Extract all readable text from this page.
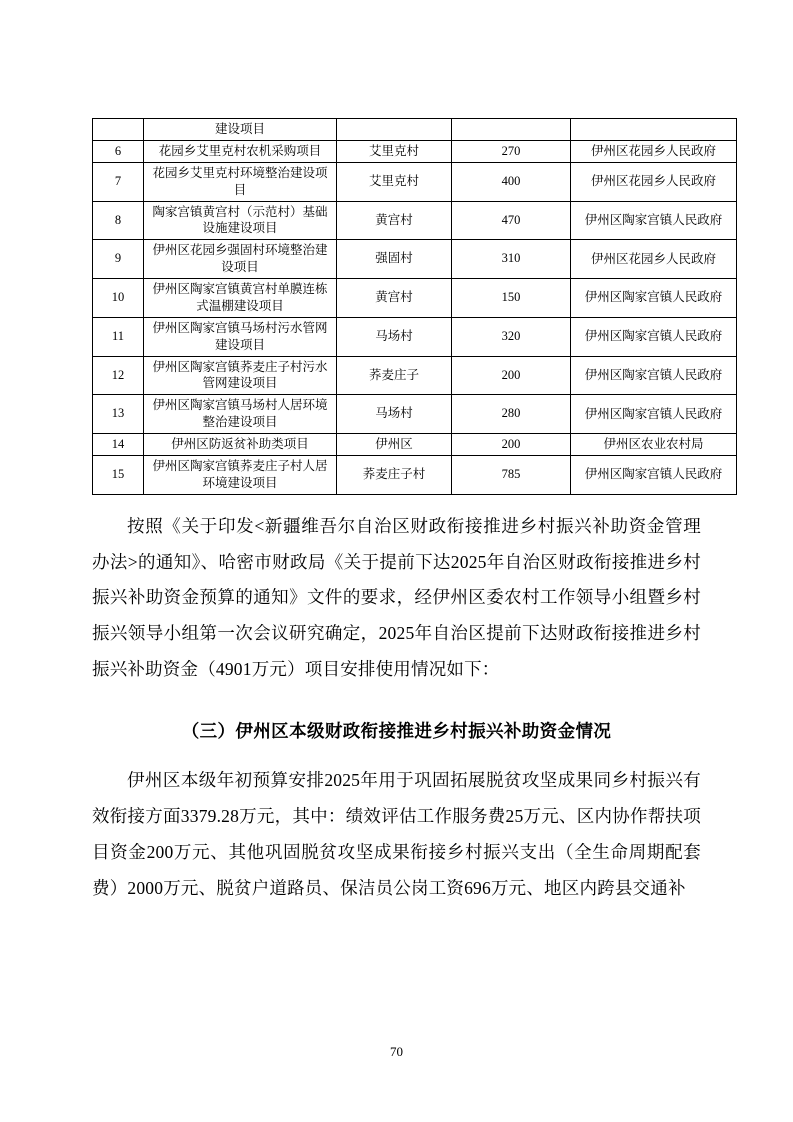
	建设项目			
6	花园乡艾里克村农机采购项目	艾里克村	270	伊州区花园乡人民政府
7	花园乡艾里克村环境整治建设项目	艾里克村	400	伊州区花园乡人民政府
8	陶家宫镇黄宫村（示范村）基础设施建设项目	黄宫村	470	伊州区陶家宫镇人民政府
9	伊州区花园乡强固村环境整治建设项目	强固村	310	伊州区花园乡人民政府
10	伊州区陶家宫镇黄宫村单膜连栋式温棚建设项目	黄宫村	150	伊州区陶家宫镇人民政府
11	伊州区陶家宫镇马场村污水管网建设项目	马场村	320	伊州区陶家宫镇人民政府
12	伊州区陶家宫镇荞麦庄子村污水管网建设项目	荞麦庄子	200	伊州区陶家宫镇人民政府
13	伊州区陶家宫镇马场村人居环境整治建设项目	马场村	280	伊州区陶家宫镇人民政府
14	伊州区防返贫补助类项目	伊州区	200	伊州区农业农村局
15	伊州区陶家宫镇荞麦庄子村人居环境建设项目	荞麦庄子村	785	伊州区陶家宫镇人民政府

按照《关于印发<新疆维吾尔自治区财政衔接推进乡村振兴补助资金管理办法>的通知》、哈密市财政局《关于提前下达2025年自治区财政衔接推进乡村振兴补助资金预算的通知》文件的要求，经伊州区委农村工作领导小组暨乡村振兴领导小组第一次会议研究确定，2025年自治区提前下达财政衔接推进乡村振兴补助资金（4901万元）项目安排使用情况如下：

（三）伊州区本级财政衔接推进乡村振兴补助资金情况

伊州区本级年初预算安排2025年用于巩固拓展脱贫攻坚成果同乡村振兴有效衔接方面3379.28万元，其中：绩效评估工作服务费25万元、区内协作帮扶项目资金200万元、其他巩固脱贫攻坚成果衔接乡村振兴支出（全生命周期配套费）2000万元、脱贫户道路员、保洁员公岗工资696万元、地区内跨县交通补

70
